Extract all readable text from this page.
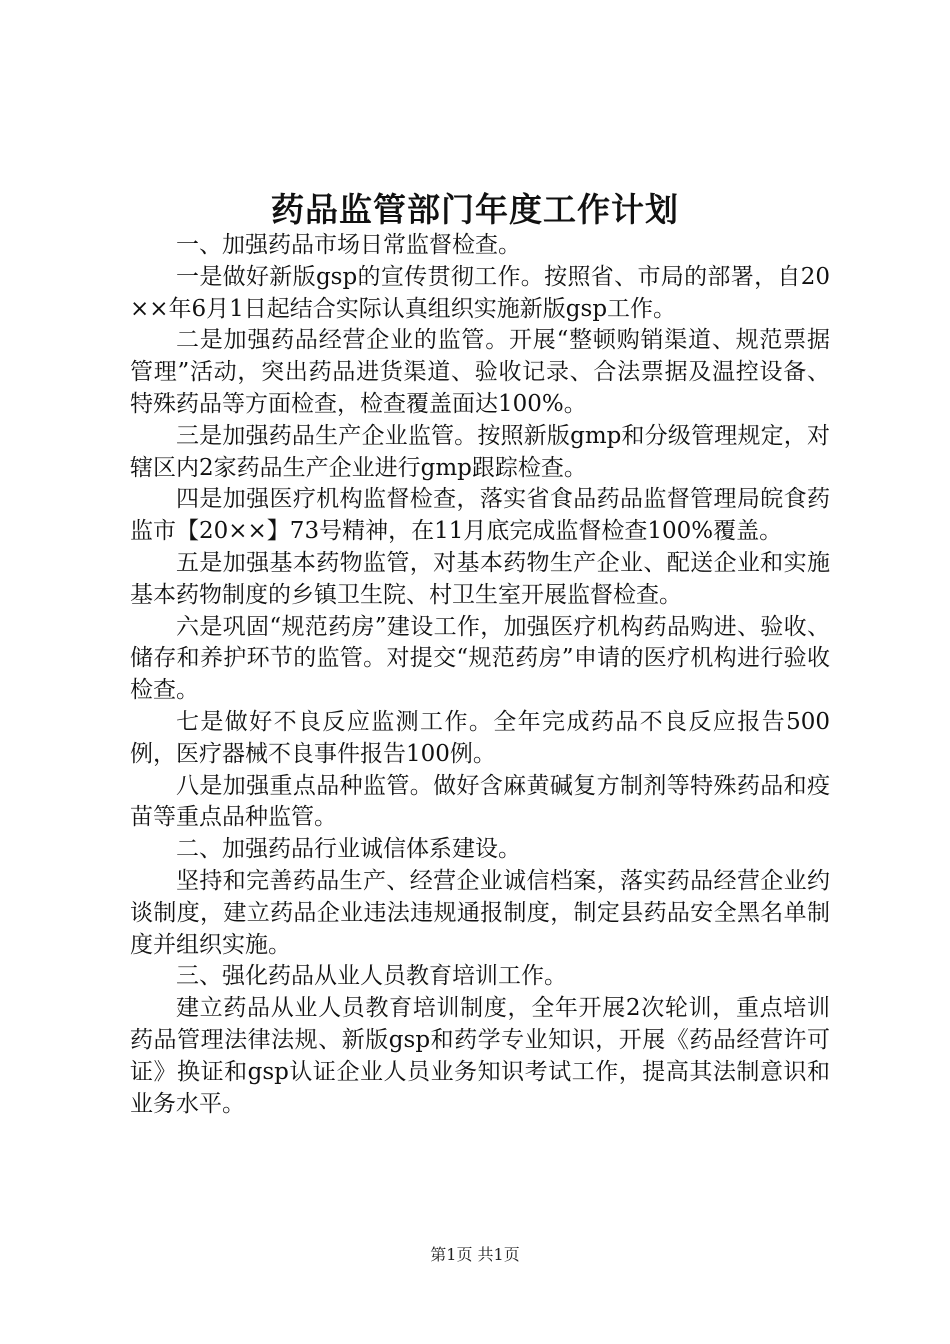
药品监管部门年度工作计划

一、加强药品市场日常监督检查。

一是做好新版gsp的宣传贯彻工作。按照省、市局的部署，自20××年6月1日起结合实际认真组织实施新版gsp工作。

二是加强药品经营企业的监管。开展“整顿购销渠道、规范票据管理”活动，突出药品进货渠道、验收记录、合法票据及温控设备、特殊药品等方面检查，检查覆盖面达100%。

三是加强药品生产企业监管。按照新版gmp和分级管理规定，对辖区内2家药品生产企业进行gmp跟踪检查。

四是加强医疗机构监督检查，落实省食品药品监督管理局皖食药监市【20××】73号精神，在11月底完成监督检查100%覆盖。

五是加强基本药物监管，对基本药物生产企业、配送企业和实施基本药物制度的乡镇卫生院、村卫生室开展监督检查。

六是巩固“规范药房”建设工作，加强医疗机构药品购进、验收、储存和养护环节的监管。对提交“规范药房”申请的医疗机构进行验收检查。

七是做好不良反应监测工作。全年完成药品不良反应报告500例，医疗器械不良事件报告100例。

八是加强重点品种监管。做好含麻黄碱复方制剂等特殊药品和疫苗等重点品种监管。

二、加强药品行业诚信体系建设。

坚持和完善药品生产、经营企业诚信档案，落实药品经营企业约谈制度，建立药品企业违法违规通报制度，制定县药品安全黑名单制度并组织实施。

三、强化药品从业人员教育培训工作。

建立药品从业人员教育培训制度，全年开展2次轮训，重点培训药品管理法律法规、新版gsp和药学专业知识，开展《药品经营许可证》换证和gsp认证企业人员业务知识考试工作，提高其法制意识和业务水平。

第1页 共1页
